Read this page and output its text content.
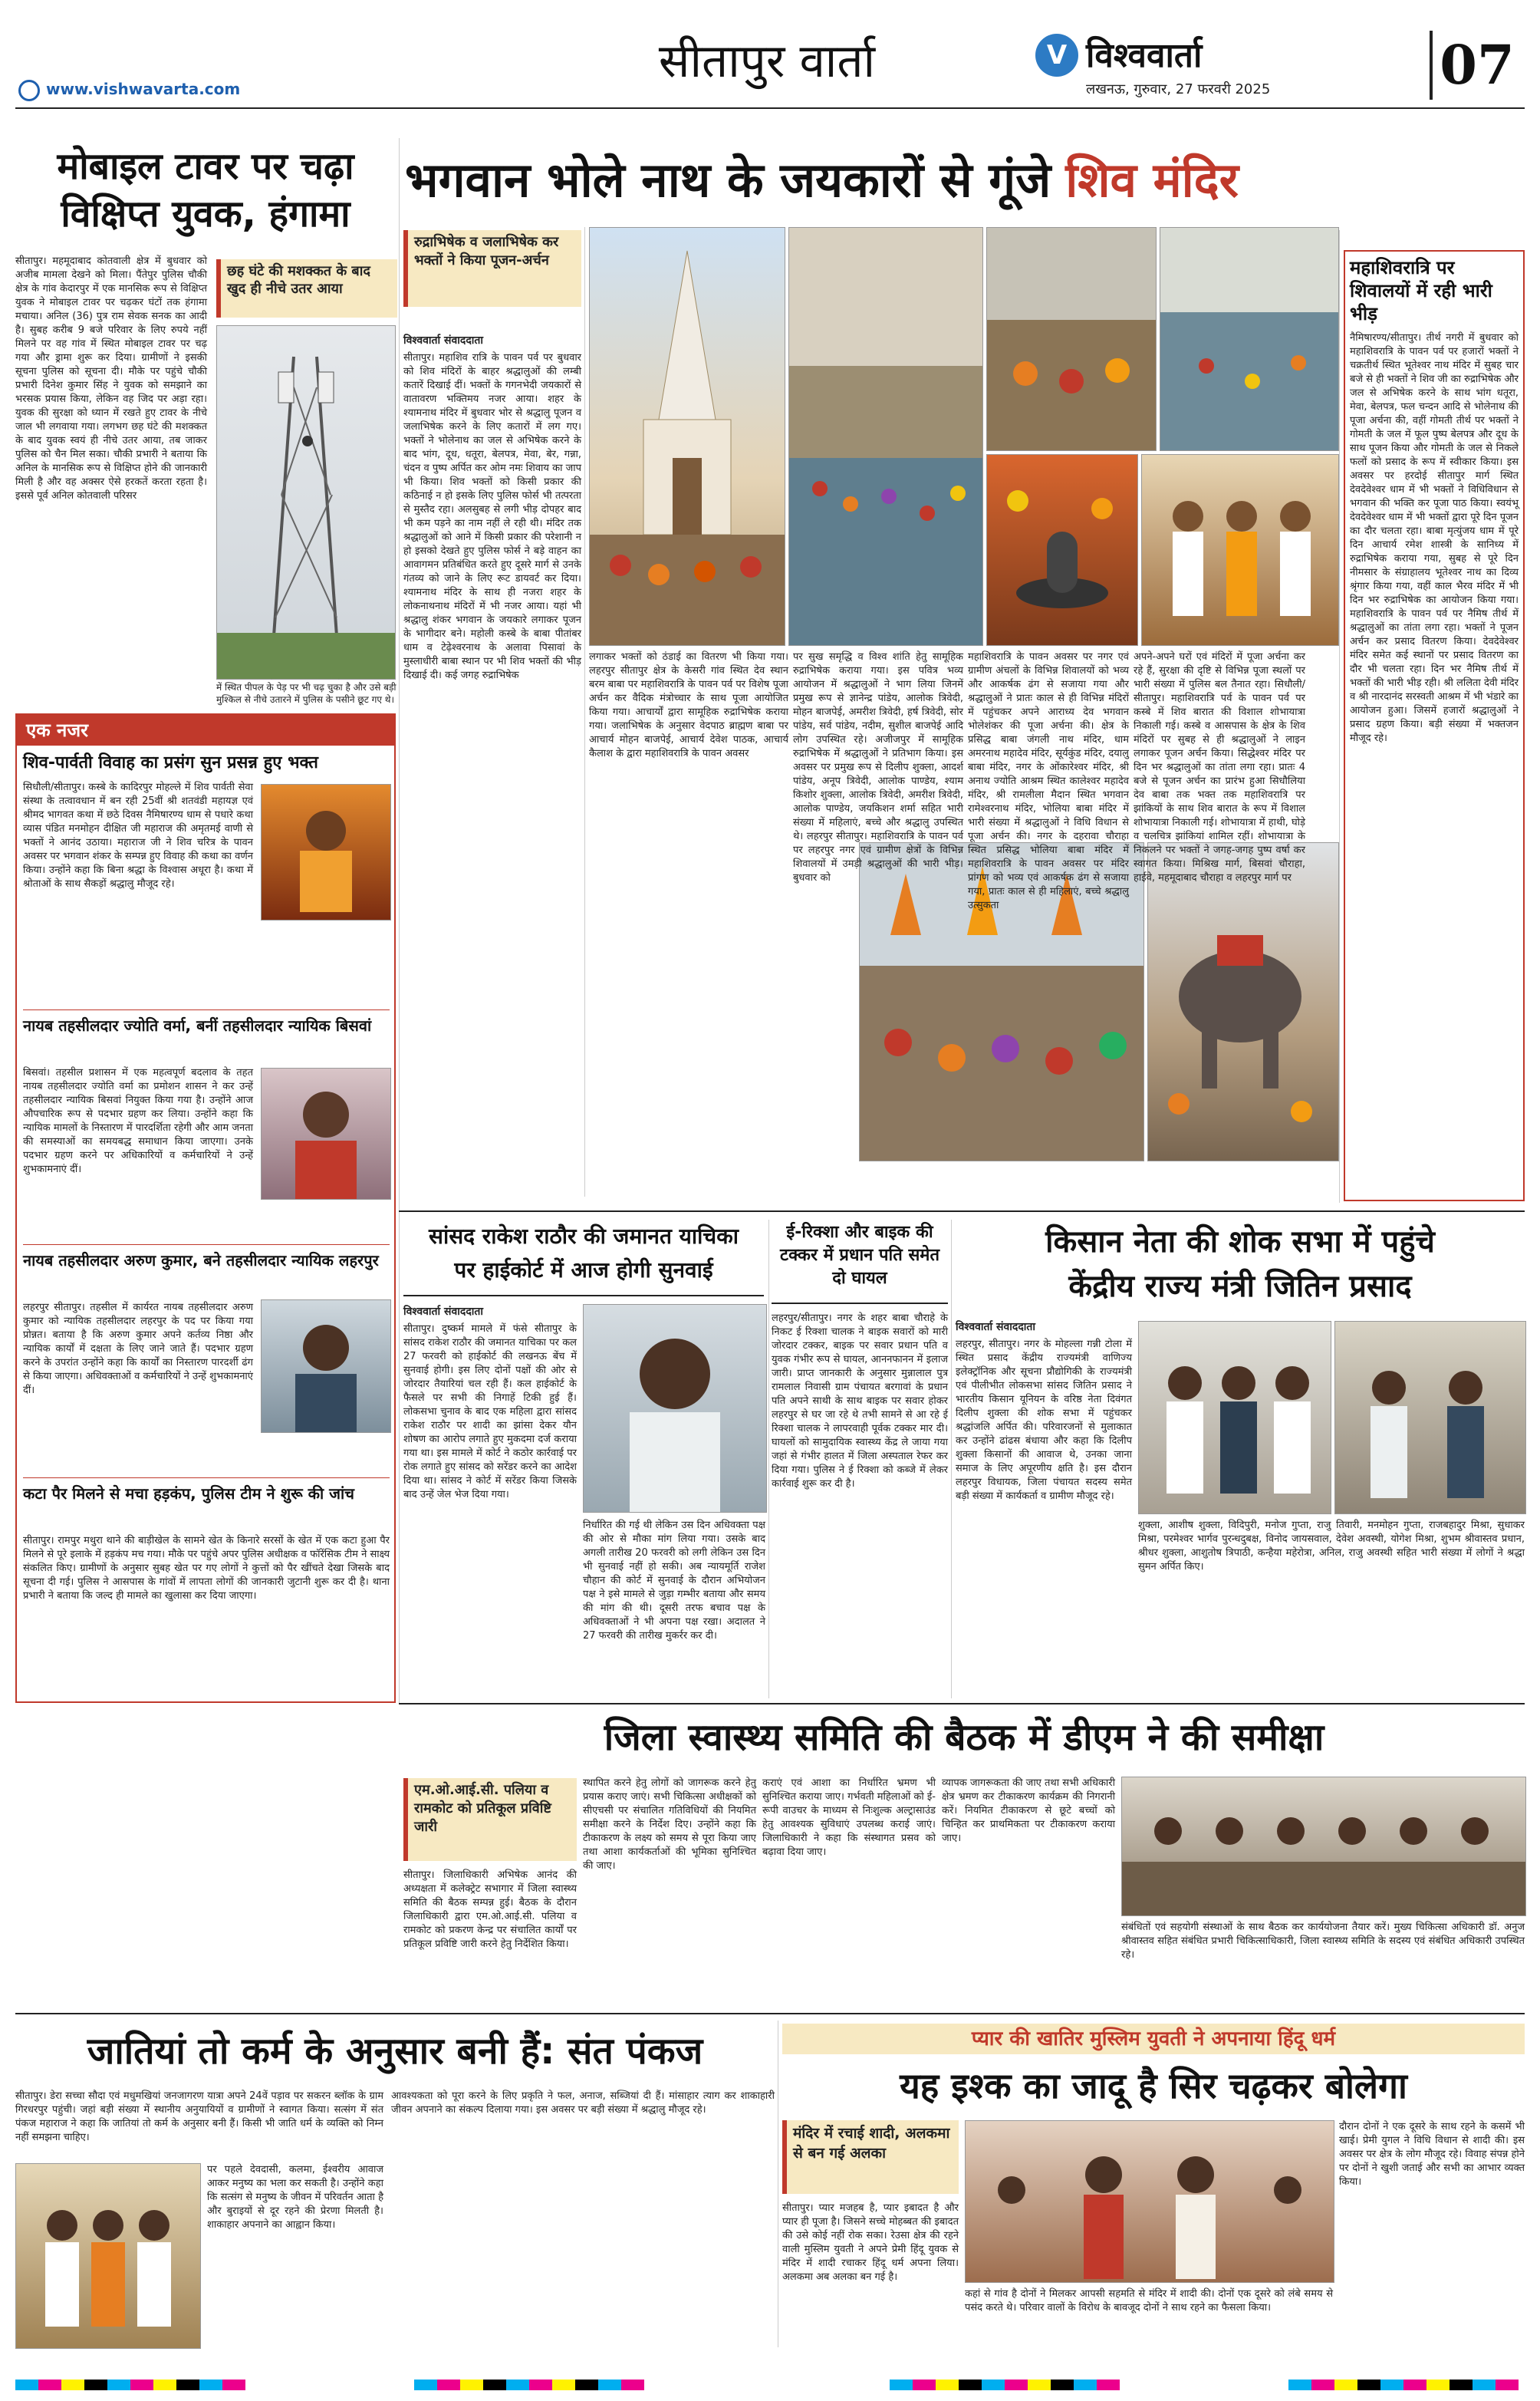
सीतापुर वार्ता
www.vishwavarta.com
V विश्ववार्ता
लखनऊ, गुरुवार, 27 फरवरी 2025	07
मोबाइल टावर पर चढ़ा
विक्षिप्त युवक, हंगामा
सीतापुर। महमूदाबाद कोतवाली क्षेत्र में बुधवार को अजीब मामला देखने को मिला। पैंतेपुर पुलिस चौकी क्षेत्र के गांव केदारपुर में एक मानसिक रूप से विक्षिप्त युवक ने मोबाइल टावर पर चढ़कर घंटों तक हंगामा मचाया। अनिल (36) पुत्र राम सेवक सनक का आदी है। सुबह करीब 9 बजे परिवार के लिए रुपये नहीं मिलने पर वह गांव में स्थित मोबाइल टावर पर चढ़ गया और ड्रामा शुरू कर दिया। ग्रामीणों ने इसकी सूचना पुलिस को सूचना दी। मौके पर पहुंचे चौकी प्रभारी दिनेश कुमार सिंह ने युवक को समझाने का भरसक प्रयास किया, लेकिन वह जिद पर अड़ा रहा। युवक की सुरक्षा को ध्यान में रखते हुए टावर के नीचे जाल भी लगवाया गया। लगभग छह घंटे की मशक्कत के बाद युवक स्वयं ही नीचे उतर आया, तब जाकर पुलिस को चैन मिल सका। चौकी प्रभारी ने बताया कि अनिल के मानसिक रूप से विक्षिप्त होने की जानकारी मिली है और वह अक्सर ऐसे हरकतें करता रहता है। इससे पूर्व अनिल कोतवाली परिसर
छह घंटे की मशक्कत के बाद खुद ही नीचे उतर आया
में स्थित पीपल के पेड़ पर भी चढ़ चुका है और उसे बड़ी मुश्किल से नीचे उतारने में पुलिस के पसीने छूट गए थे।
भगवान भोले नाथ के जयकारों से गूंजे शिव मंदिर
रुद्राभिषेक व जलाभिषेक कर भक्तों ने किया पूजन-अर्चन
विश्ववार्ता संवाददाता
सीतापुर। महाशिव रात्रि के पावन पर्व पर बुधवार को शिव मंदिरों के बाहर श्रद्धालुओं की लम्बी कतारें दिखाई दीं। भक्तों के गगनभेदी जयकारों से वातावरण भक्तिमय नजर आया। शहर के श्यामनाथ मंदिर में बुधवार भोर से श्रद्धालु पूजन व जलाभिषेक करने के लिए कतारों में लग गए। भक्तों ने भोलेनाथ का जल से अभिषेक करने के बाद भांग, दूध, धतूरा, बेलपत्र, मेवा, बेर, गन्ना, चंदन व पुष्प अर्पित कर ओम नमः शिवाय का जाप भी किया। शिव भक्तों को किसी प्रकार की कठिनाई न हो इसके लिए पुलिस फोर्स भी तत्परता से मुस्तैद रहा। अलसुबह से लगी भीड़ दोपहर बाद भी कम पड़ने का नाम नहीं ले रही थी। मंदिर तक श्रद्धालुओं को आने में किसी प्रकार की परेशानी न हो इसको देखते हुए पुलिस फोर्स ने बड़े वाहन का आवागमन प्रतिबंधित करते हुए दूसरे मार्ग से उनके गंतव्य को जाने के लिए रूट डायवर्ट कर दिया। श्यामनाथ मंदिर के साथ ही नजरा शहर के लोकनाथनाथ मंदिरों में भी नजर आया। यहां भी श्रद्धालु शंकर भगवान के जयकारे लगाकर पूजन के भागीदार बने। महोली कस्बे के बाबा पीतांबर धाम व टेढ़ेश्वरनाथ के अलावा पिसावां के मुस्लाधीरी बाबा स्थान पर भी शिव भक्तों की भीड़ दिखाई दी। कई जगह रुद्राभिषेक
लगाकर भक्तों को ठंडाई का वितरण भी किया गया। लहरपुर सीतापुर क्षेत्र के केसरी गांव स्थित देव स्थान बरम बाबा पर महाशिवरात्रि के पावन पर्व पर विशेष पूजा अर्चन कर वैदिक मंत्रोच्चार के साथ पूजा आयोजित किया गया। आचार्यों द्वारा सामूहिक रुद्राभिषेक कराया गया। जलाभिषेक के अनुसार वेदपाठ ब्राह्मण बाबा पर आचार्य मोहन बाजपेई, आचार्य देवेश पाठक, आचार्य कैलाश के द्वारा महाशिवरात्रि के पावन अवसर
पर सुख समृद्धि व विश्व शांति हेतु सामूहिक रुद्राभिषेक कराया गया। इस पवित्र भव्य आयोजन में श्रद्धालुओं ने भाग लिया जिनमें प्रमुख रूप से ज्ञानेन्द्र पांडेय, आलोक त्रिवेदी, मोहन बाजपेई, अमरीश त्रिवेदी, हर्ष त्रिवेदी, सोर पांडेय, सर्व पांडेय, नदीम, सुशील बाजपेई आदि लोग उपस्थित रहे। अजीजपुर में सामूहिक रुद्राभिषेक में श्रद्धालुओं ने प्रतिभाग किया। इस अवसर पर प्रमुख रूप से दिलीप शुक्ला, आदर्श पांडेय, अनूप त्रिवेदी, आलोक पाण्डेय, श्याम किशोर शुक्ला, आलोक त्रिवेदी, अमरीश त्रिवेदी, आलोक पाण्डेय, जयकिशन शर्मा सहित भारी संख्या में महिलाएं, बच्चे और श्रद्धालु उपस्थित थे। लहरपुर सीतापुर। महाशिवरात्रि के पावन पर्व पर लहरपुर नगर एवं ग्रामीण क्षेत्रों के विभिन्न शिवालयों में उमड़ी श्रद्धालुओं की भारी भीड़। बुधवार को
महाशिवरात्रि के पावन अवसर पर नगर एवं ग्रामीण अंचलों के विभिन्न शिवालयों को भव्य और आकर्षक ढंग से सजाया गया और श्रद्धालुओं ने प्रातः काल से ही विभिन्न मंदिरों में पहुंचकर अपने आराध्य देव भगवान भोलेशंकर की पूजा अर्चना की। क्षेत्र के प्रसिद्ध बाबा जंगली नाथ मंदिर, धाम अमरनाथ महादेव मंदिर, सूर्यकुंड मंदिर, दयालु बाबा मंदिर, नगर के ओंकारेश्वर मंदिर, श्री अनाथ ज्योति आश्रम स्थित कालेश्वर महादेव मंदिर, श्री रामलीला मैदान स्थित भगवान रामेश्वरनाथ मंदिर, भोलिया बाबा मंदिर में भारी संख्या में श्रद्धालुओं ने विधि विधान से पूजा अर्चन की। नगर के दहरावा चौराहा स्थित प्रसिद्ध भोलिया बाबा मंदिर में महाशिवरात्रि के पावन अवसर पर मंदिर प्रांगण को भव्य एवं आकर्षक ढंग से सजाया गया, प्रातः काल से ही महिलाएं, बच्चे श्रद्धालु उत्सुकता
अपने-अपने घरों एवं मंदिरों में पूजा अर्चना कर रहे हैं, सुरक्षा की दृष्टि से विभिन्न पूजा स्थलों पर भारी संख्या में पुलिस बल तैनात रहा। सिधौली/सीतापुर। महाशिवरात्रि पर्व के पावन पर्व पर कस्बे में शिव बारात की विशाल शोभायात्रा निकाली गई। कस्बे व आसपास के क्षेत्र के शिव मंदिरों पर सुबह से ही श्रद्धालुओं ने लाइन लगाकर पूजन अर्चन किया। सिद्धेश्वर मंदिर पर दिन भर श्रद्धालुओं का तांता लगा रहा। प्रातः 4 बजे से पूजन अर्चन का प्रारंभ हुआ सिधौलिया देव बाबा तक भक्त तक महाशिवरात्रि पर झांकियों के साथ शिव बारात के रूप में विशाल शोभायात्रा निकाली गई। शोभायात्रा में हाथी, घोड़े व चलचित्र झांकियां शामिल रहीं। शोभायात्रा के निकलने पर भक्तों ने जगह-जगह पुष्प वर्षा कर स्वागत किया। मिश्रिख मार्ग, बिसवां चौराहा, हाईवे, महमूदाबाद चौराहा व लहरपुर मार्ग पर
महाशिवरात्रि पर शिवालयों में रही भारी भीड़
नैमिषारण्य/सीतापुर। तीर्थ नगरी में बुधवार को महाशिवरात्रि के पावन पर्व पर हजारों भक्तों ने चक्रतीर्थ स्थित भूतेश्वर नाथ मंदिर में सुबह चार बजे से ही भक्तों ने शिव जी का रुद्राभिषेक और जल से अभिषेक करने के साथ भांग धतूरा, मेवा, बेलपत्र, फल चन्दन आदि से भोलेनाथ की पूजा अर्चना की, वहीं गोमती तीर्थ पर भक्तों ने गोमती के जल में फूल पुष्प बेलपत्र और दूध के साथ पूजन किया और गोमती के जल से निकले फलों को प्रसाद के रूप में स्वीकार किया। इस अवसर पर हरदोई सीतापुर मार्ग स्थित देवदेवेश्वर धाम में भी भक्तों ने विधिविधान से भगवान की भक्ति कर पूजा पाठ किया। स्वयंभू देवदेवेश्वर धाम में भी भक्तों द्वारा पूरे दिन पूजन का दौर चलता रहा। बाबा मृत्युंजय धाम में पूरे दिन आचार्य रमेश शास्त्री के सानिध्य में रुद्राभिषेक कराया गया, सुबह से पूरे दिन नीमसार के संग्राहालय भूतेश्वर नाथ का दिव्य श्रृंगार किया गया, वहीं काल भैरव मंदिर में भी दिन भर रुद्राभिषेक का आयोजन किया गया। महाशिवरात्रि के पावन पर्व पर नैमिष तीर्थ में श्रद्धालुओं का तांता लगा रहा। भक्तों ने पूजन अर्चन कर प्रसाद वितरण किया। देवदेवेश्वर मंदिर समेत कई स्थानों पर प्रसाद वितरण का दौर भी चलता रहा। दिन भर नैमिष तीर्थ में भक्तों की भारी भीड़ रही। श्री ललिता देवी मंदिर व श्री नारदानंद सरस्वती आश्रम में भी भंडारे का आयोजन हुआ। जिसमें हजारों श्रद्धालुओं ने प्रसाद ग्रहण किया। बड़ी संख्या में भक्तजन मौजूद रहे।
एक नजर
शिव-पार्वती विवाह का प्रसंग सुन प्रसन्न हुए भक्त
सिधौली/सीतापुर। कस्बे के कादिरपुर मोहल्ले में शिव पार्वती सेवा संस्था के तत्वावधान में बन रही 25वीं श्री शतवंडी महायज्ञ एवं श्रीमद भागवत कथा में छठे दिवस नैमिषारण्य धाम से पधारे कथा व्यास पंडित मनमोहन दीक्षित जी महाराज की अमृतमई वाणी से भक्तों ने आनंद उठाया। महाराज जी ने शिव चरित्र के पावन अवसर पर भगवान शंकर के सम्पन्न हुए विवाह की कथा का वर्णन किया। उन्होंने कहा कि बिना श्रद्धा के विश्वास अधूरा है। कथा में श्रोताओं के साथ सैकड़ों श्रद्धालु मौजूद रहे।
नायब तहसीलदार ज्योति वर्मा, बनीं तहसीलदार न्यायिक बिसवां
बिसवां। तहसील प्रशासन में एक महत्वपूर्ण बदलाव के तहत नायब तहसीलदार ज्योति वर्मा का प्रमोशन शासन ने कर उन्हें तहसीलदार न्यायिक बिसवां नियुक्त किया गया है। उन्होंने आज औपचारिक रूप से पदभार ग्रहण कर लिया। उन्होंने कहा कि न्यायिक मामलों के निस्तारण में पारदर्शिता रहेगी और आम जनता की समस्याओं का समयबद्ध समाधान किया जाएगा। उनके पदभार ग्रहण करने पर अधिकारियों व कर्मचारियों ने उन्हें शुभकामनाएं दीं।
नायब तहसीलदार अरुण कुमार, बने तहसीलदार न्यायिक लहरपुर
लहरपुर सीतापुर। तहसील में कार्यरत नायब तहसीलदार अरुण कुमार को न्यायिक तहसीलदार लहरपुर के पद पर किया गया प्रोन्नत। बताया है कि अरुण कुमार अपने कर्तव्य निष्ठा और न्यायिक कार्यों में दक्षता के लिए जाने जाते हैं। पदभार ग्रहण करने के उपरांत उन्होंने कहा कि कार्यों का निस्तारण पारदर्शी ढंग से किया जाएगा। अधिवक्ताओं व कर्मचारियों ने उन्हें शुभकामनाएं दीं।
कटा पैर मिलने से मचा हड़कंप, पुलिस टीम ने शुरू की जांच
सीतापुर। रामपुर मथुरा थाने की बाड़ीखेल के सामने खेत के किनारे सरसों के खेत में एक कटा हुआ पैर मिलने से पूरे इलाके में हड़कंप मच गया। मौके पर पहुंचे अपर पुलिस अधीक्षक व फॉरेंसिक टीम ने साक्ष्य संकलित किए। ग्रामीणों के अनुसार सुबह खेत पर गए लोगों ने कुत्तों को पैर खींचते देखा जिसके बाद सूचना दी गई। पुलिस ने आसपास के गांवों में लापता लोगों की जानकारी जुटानी शुरू कर दी है। थाना प्रभारी ने बताया कि जल्द ही मामले का खुलासा कर दिया जाएगा।
सांसद राकेश राठौर की जमानत याचिका
पर हाईकोर्ट में आज होगी सुनवाई
विश्ववार्ता संवाददाता
सीतापुर। दुष्कर्म मामले में फंसे सीतापुर के सांसद राकेश राठौर की जमानत याचिका पर कल 27 फरवरी को हाईकोर्ट की लखनऊ बेंच में सुनवाई होगी। इस लिए दोनों पक्षों की ओर से जोरदार तैयारियां चल रही हैं। कल हाईकोर्ट के फैसले पर सभी की निगाहें टिकी हुई हैं। लोकसभा चुनाव के बाद एक महिला द्वारा सांसद राकेश राठौर पर शादी का झांसा देकर यौन शोषण का आरोप लगाते हुए मुकदमा दर्ज कराया गया था। इस मामले में कोर्ट ने कठोर कार्रवाई पर रोक लगाते हुए सांसद को सरेंडर करने का आदेश दिया था। सांसद ने कोर्ट में सरेंडर किया जिसके बाद उन्हें जेल भेज दिया गया।
निर्धारित की गई थी लेकिन उस दिन अधिवक्ता पक्ष की ओर से मौका मांग लिया गया। उसके बाद अगली तारीख 20 फरवरी को लगी लेकिन उस दिन भी सुनवाई नहीं हो सकी। अब न्यायमूर्ति राजेश चौहान की कोर्ट में सुनवाई के दौरान अभियोजन पक्ष ने इसे मामले से जुड़ा गम्भीर बताया और समय की मांग की थी। दूसरी तरफ बचाव पक्ष के अधिवक्ताओं ने भी अपना पक्ष रखा। अदालत ने 27 फरवरी की तारीख मुकर्रर कर दी।
ई-रिक्शा और बाइक की टक्कर में प्रधान पति समेत दो घायल
लहरपुर/सीतापुर। नगर के शहर बाबा चौराहे के निकट ई रिक्शा चालक ने बाइक सवारों को मारी जोरदार टक्कर, बाइक पर सवार प्रधान पति व युवक गंभीर रूप से घायल, आननफानन में इलाज जारी। प्राप्त जानकारी के अनुसार मुन्नालाल पुत्र रामलाल निवासी ग्राम पंचायत बरगावां के प्रधान पति अपने साथी के साथ बाइक पर सवार होकर लहरपुर से घर जा रहे थे तभी सामने से आ रहे ई रिक्शा चालक ने लापरवाही पूर्वक टक्कर मार दी। घायलों को सामुदायिक स्वास्थ्य केंद्र ले जाया गया जहां से गंभीर हालत में जिला अस्पताल रेफर कर दिया गया। पुलिस ने ई रिक्शा को कब्जे में लेकर कार्रवाई शुरू कर दी है।
किसान नेता की शोक सभा में पहुंचे
केंद्रीय राज्य मंत्री जितिन प्रसाद
विश्ववार्ता संवाददाता
लहरपुर, सीतापुर। नगर के मोहल्ला गन्नी टोला में स्थित प्रसाद केंद्रीय राज्यमंत्री वाणिज्य इलेक्ट्रॉनिक और सूचना प्रौद्योगिकी के राज्यमंत्री एवं पीलीभीत लोकसभा सांसद जितिन प्रसाद ने भारतीय किसान यूनियन के वरिष्ठ नेता दिवंगत दिलीप शुक्ला की शोक सभा में पहुंचकर श्रद्धांजलि अर्पित की। परिवारजनों से मुलाकात कर उन्होंने ढांढस बंधाया और कहा कि दिलीप शुक्ला किसानों की आवाज थे, उनका जाना समाज के लिए अपूरणीय क्षति है। इस दौरान लहरपुर विधायक, जिला पंचायत सदस्य समेत बड़ी संख्या में कार्यकर्ता व ग्रामीण मौजूद रहे।
शुक्ला, आशीष शुक्ला, विदिपुरी, मनोज गुप्ता, राजु तिवारी, मनमोहन गुप्ता, राजबहादुर मिश्रा, सुधाकर मिश्रा, परमेश्वर भार्गव पुरन्धदुबक्ष, विनोद जायसवाल, देवेश अवस्थी, योगेश मिश्रा, शुभम श्रीवास्तव प्रधान, श्रीधर शुक्ला, आशुतोष त्रिपाठी, कन्हैया महेरोत्रा, अनिल, राजु अवस्थी सहित भारी संख्या में लोगों ने श्रद्धा सुमन अर्पित किए।
जिला स्वास्थ्य समिति की बैठक में डीएम ने की समीक्षा
एम.ओ.आई.सी. पलिया व रामकोट को प्रतिकूल प्रविष्टि जारी
सीतापुर। जिलाधिकारी अभिषेक आनंद की अध्यक्षता में कलेक्ट्रेट सभागार में जिला स्वास्थ्य समिति की बैठक सम्पन्न हुई। बैठक के दौरान जिलाधिकारी द्वारा एम.ओ.आई.सी. पलिया व रामकोट को प्रकरण केन्द्र पर संचालित कार्यों पर प्रतिकूल प्रविष्टि जारी करने हेतु निर्देशित किया।
स्थापित करने हेतु लोगों को जागरूक करने हेतु प्रयास कराए जाएं। सभी चिकित्सा अधीक्षकों को सीएचसी पर संचालित गतिविधियों की नियमित समीक्षा करने के निर्देश दिए। उन्होंने कहा कि टीकाकरण के लक्ष्य को समय से पूरा किया जाए तथा आशा कार्यकर्ताओं की भूमिका सुनिश्चित की जाए।
कराएं एवं आशा का निर्धारित भ्रमण भी सुनिश्चित कराया जाए। गर्भवती महिलाओं को ई-रूपी वाउचर के माध्यम से निःशुल्क अल्ट्रासाउंड हेतु आवश्यक सुविधाएं उपलब्ध कराई जाएं। जिलाधिकारी ने कहा कि संस्थागत प्रसव को बढ़ावा दिया जाए।
व्यापक जागरूकता की जाए तथा सभी अधिकारी क्षेत्र भ्रमण कर टीकाकरण कार्यक्रम की निगरानी करें। नियमित टीकाकरण से छूटे बच्चों को चिन्हित कर प्राथमिकता पर टीकाकरण कराया जाए।
संबंधितों एवं सहयोगी संस्थाओं के साथ बैठक कर कार्ययोजना तैयार करें। मुख्य चिकित्सा अधिकारी डॉ. अनुज श्रीवास्तव सहित संबंधित प्रभारी चिकित्साधिकारी, जिला स्वास्थ्य समिति के सदस्य एवं संबंधित अधिकारी उपस्थित रहे।
जातियां तो कर्म के अनुसार बनी हैं: संत पंकज
सीतापुर। डेरा सच्चा सौदा एवं मधुमखियां जनजागरण यात्रा अपने 24वें पड़ाव पर सकरन ब्लॉक के ग्राम गिरधरपुर पहुंची। जहां बड़ी संख्या में स्थानीय अनुयायियों व ग्रामीणों ने स्वागत किया। सत्संग में संत पंकज महाराज ने कहा कि जातियां तो कर्म के अनुसार बनी हैं। किसी भी जाति धर्म के व्यक्ति को निम्न नहीं समझना चाहिए।
पर पहले देवदासी, कलमा, ईश्वरीय आवाज आकर मनुष्य का भला कर सकती है। उन्होंने कहा कि सत्संग से मनुष्य के जीवन में परिवर्तन आता है और बुराइयों से दूर रहने की प्रेरणा मिलती है। शाकाहार अपनाने का आह्वान किया।
आवश्यकता को पूरा करने के लिए प्रकृति ने फल, अनाज, सब्जियां दी हैं। मांसाहार त्याग कर शाकाहारी जीवन अपनाने का संकल्प दिलाया गया। इस अवसर पर बड़ी संख्या में श्रद्धालु मौजूद रहे।
प्यार की खातिर मुस्लिम युवती ने अपनाया हिंदू धर्म
यह इश्क का जादू है सिर चढ़कर बोलेगा
मंदिर में रचाई शादी, अलकमा से बन गई अलका
सीतापुर। प्यार मजहब है, प्यार इबादत है और प्यार ही पूजा है। जिसने सच्चे मोहब्बत की इबादत की उसे कोई नहीं रोक सका। रेउसा क्षेत्र की रहने वाली मुस्लिम युवती ने अपने प्रेमी हिंदू युवक से मंदिर में शादी रचाकर हिंदू धर्म अपना लिया। अलकमा अब अलका बन गई है।
कहां से गांव है दोनों ने मिलकर आपसी सहमति से मंदिर में शादी की। दोनों एक दूसरे को लंबे समय से पसंद करते थे। परिवार वालों के विरोध के बावजूद दोनों ने साथ रहने का फैसला किया।
दौरान दोनों ने एक दूसरे के साथ रहने के कसमें भी खाई। प्रेमी युगल ने विधि विधान से शादी की। इस अवसर पर क्षेत्र के लोग मौजूद रहे। विवाह संपन्न होने पर दोनों ने खुशी जताई और सभी का आभार व्यक्त किया।
